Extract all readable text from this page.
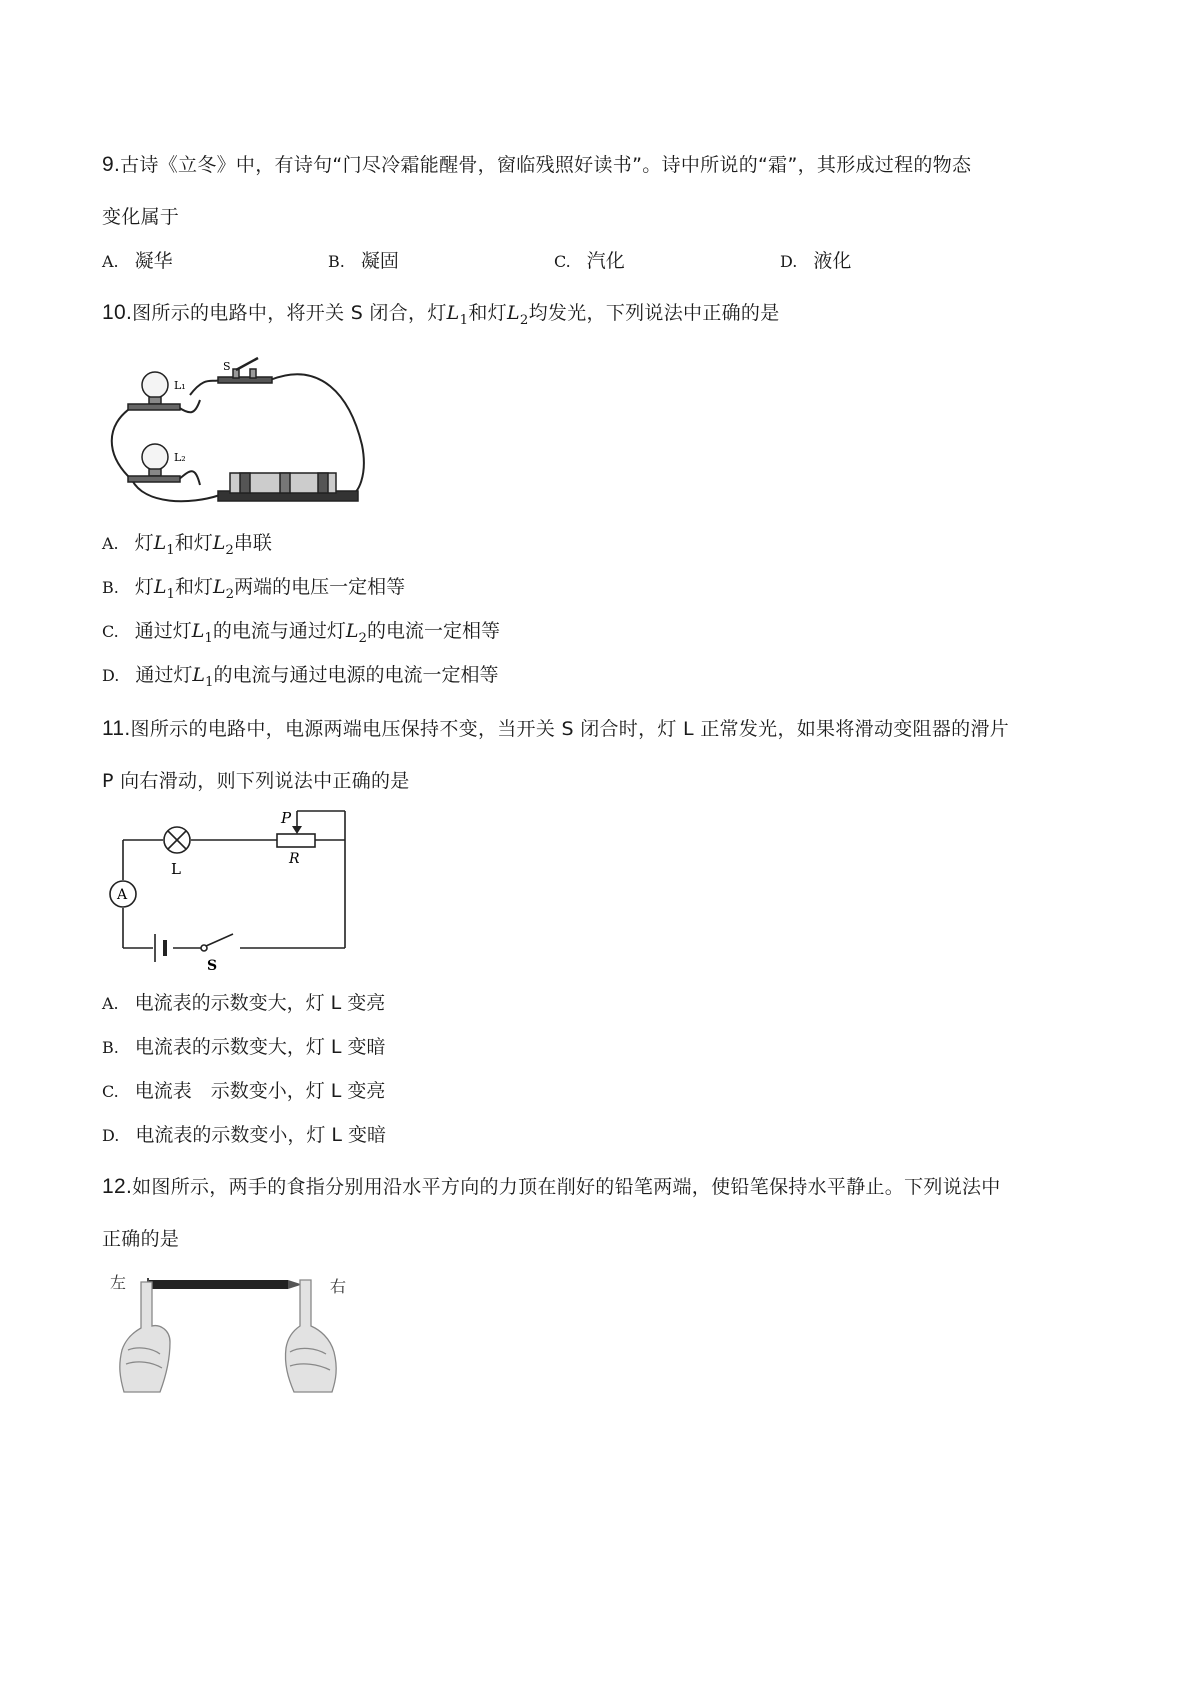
9.古诗《立冬》中，有诗句“门尽冷霜能醒骨，窗临残照好读书”。诗中所说的“霜”，其形成过程的物态
变化属于
A. 凝华	B. 凝固	C. 汽化	D. 液化
10.图所示的电路中，将开关 S 闭合，灯$L_1$和灯$L_2$均发光，下列说法中正确的是
L₁
L₂
S
A. 灯$L_1$和灯$L_2$串联
B. 灯$L_1$和灯$L_2$两端的电压一定相等
C. 通过灯$L_1$的电流与通过灯$L_2$的电流一定相等
D. 通过灯$L_1$的电流与通过电源的电流一定相等
11.图所示的电路中，电源两端电压保持不变，当开关 S 闭合时，灯 L 正常发光，如果将滑动变阻器的滑片
P 向右滑动，则下列说法中正确的是
P
R
L
A
S
A. 电流表的示数变大，灯 L 变亮
B. 电流表的示数变大，灯 L 变暗
C. 电流表　示数变小，灯 L 变亮
D. 电流表的示数变小，灯 L 变暗
12.如图所示，两手的食指分别用沿水平方向的力顶在削好的铅笔两端，使铅笔保持水平静止。下列说法中
正确的是
左	右
